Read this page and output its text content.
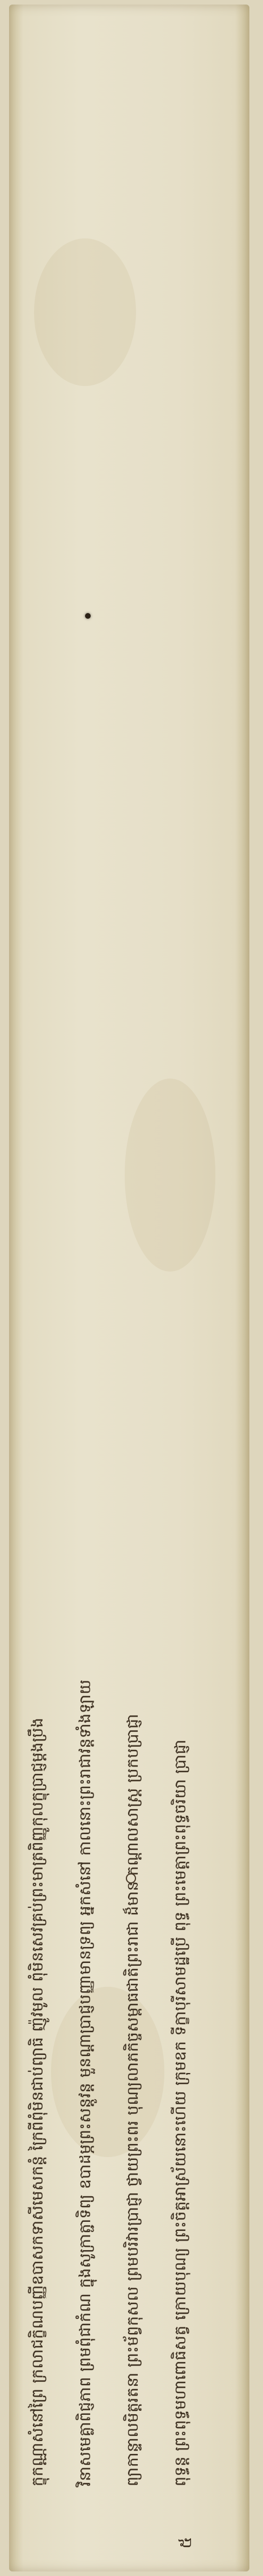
៥
ក្ខុកណ្ណាសំនៅព្រៃ ក្រលាជក្ខិណបញ្ញីឧបាសកទាសីមេសកន្តំ ក្រៃពីពុំមិនជាប់ព្យាធិ ញ៉ូវមូល ពុំមិនសេវគ្រប់ព្រះមាត្រពិញ្ញូកុលក្ខុប្រាជ្ញម្តងប្រឹង វិនាសមេគ្លាពិជ្ញភាព ព្រមពុំជាកំណ ក្នុងសូក្រាត្ជាទិព្យ ឧបាដម្ភព្រះសន្តូវន្ត មួនណ្តាប្រាជ្ញបញ្ញាមានទ្រព្យ អ្នកសំនៅ កាលនោះព្រះរាជាវន្តទាំងឡាយ ព្យាកាន្ទាលមិត្តរតនា ព្រះម័ព្វកុសល ព្រមបរិវារប្រាជ្ញា ថ្វាយព្រះពរ បុណ្យលាភកិច្ចសម្ពាធជាតិព្រះរាជា ដ៏មាន កណ្ដាលសាស្ត្រ ប្រកបប្រាជ្ញា ពុទ្ធន្ត ព្រះពុទ្ធមហាពោធិសត្វ ក្រោយបុណ្យ ព្រះចិត្តអាស្រ័យនោះហើយ ក្រុមឧក ទីក្ខាបុរីសាមដ្ឋប្រើ ពុទ្ធ ព្រះមេត្តាព្រះពុទ្ធចរិយា ប្រាជ្ញា
